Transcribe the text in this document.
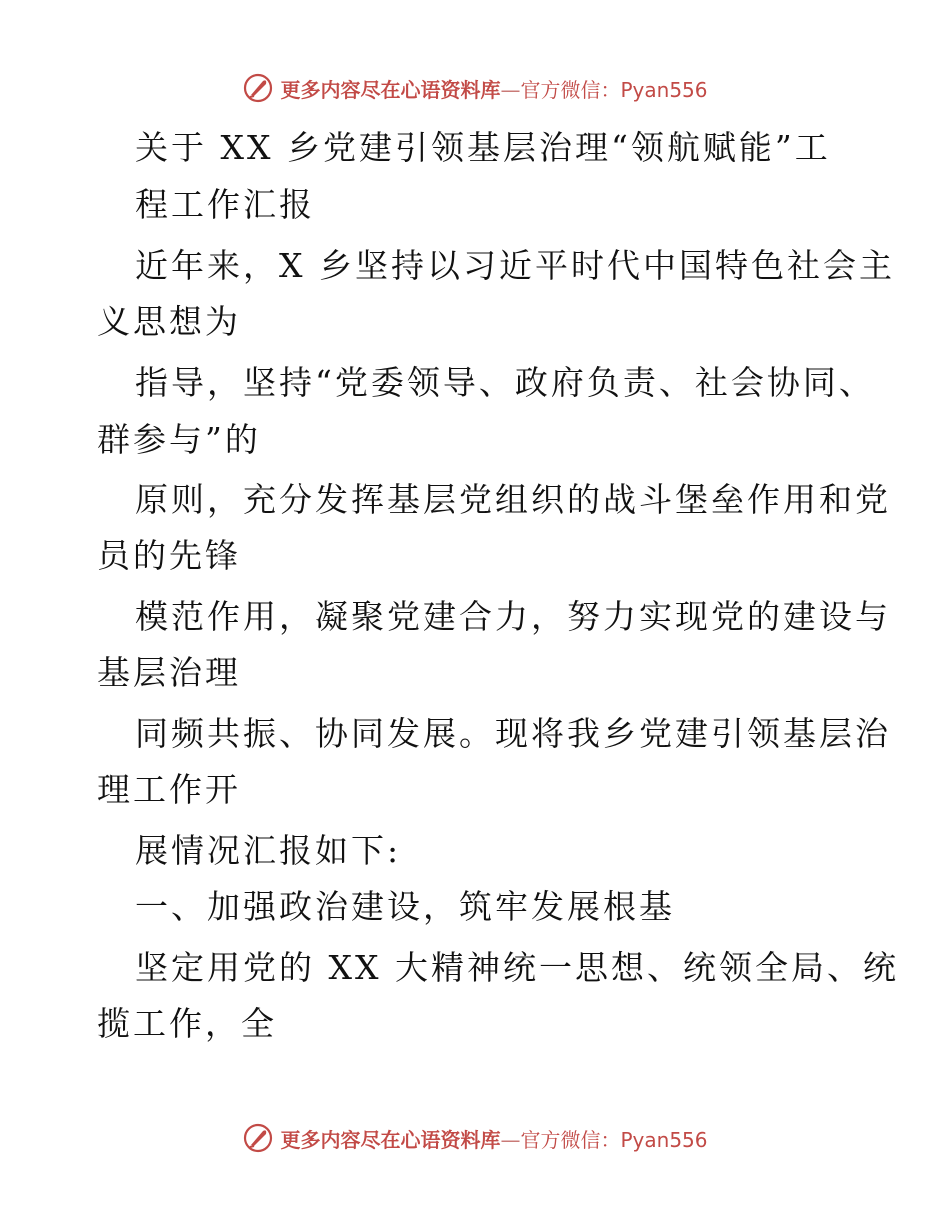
更多内容尽在心语资料库—官方微信：Pyan556
关于 XX 乡党建引领基层治理“领航赋能”工
程工作汇报
近年来，X 乡坚持以习近平时代中国特色社会主
义思想为
指导，坚持“党委领导、政府负责、社会协同、
群参与”的
原则，充分发挥基层党组织的战斗堡垒作用和党
员的先锋
模范作用，凝聚党建合力，努力实现党的建设与
基层治理
同频共振、协同发展。现将我乡党建引领基层治
理工作开
展情况汇报如下:
一、加强政治建设，筑牢发展根基
坚定用党的 XX 大精神统一思想、统领全局、统
揽工作，全
更多内容尽在心语资料库—官方微信：Pyan556
